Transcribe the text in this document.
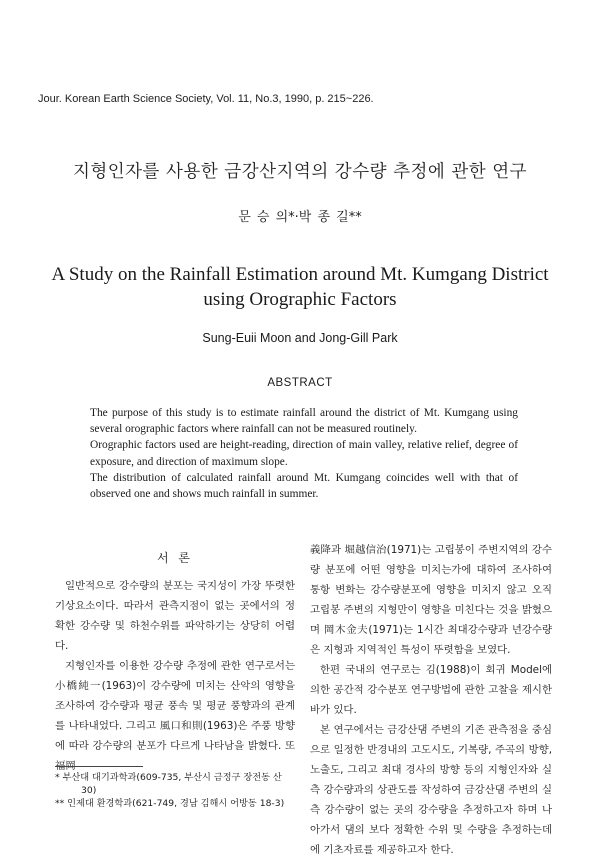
Jour. Korean Earth Science Society, Vol. 11, No.3, 1990, p. 215~226.
지형인자를 사용한 금강산지역의 강수량 추정에 관한 연구
문 승 의*·박 종 길**
A Study on the Rainfall Estimation around Mt. Kumgang District
using Orographic Factors
Sung-Euii Moon and Jong-Gill Park
ABSTRACT

The purpose of this study is to estimate rainfall around the district of Mt. Kumgang using several orographic factors where rainfall can not be measured routinely.

Orographic factors used are height-reading, direction of main valley, relative relief, degree of exposure, and direction of maximum slope.

The distribution of calculated rainfall around Mt. Kumgang coincides well with that of observed one and shows much rainfall in summer.

서 론

일반적으로 강수량의 분포는 국지성이 가장 뚜렷한 기상요소이다. 따라서 관측지점이 없는 곳에서의 정확한 강수량 및 하천수위를 파악하기는 상당히 어렵다.

지형인자를 이용한 강수량 추정에 관한 연구로서는 小橋純一(1963)이 강수량에 미치는 산악의 영향을 조사하여 강수량과 평균 풍속 및 평균 풍향과의 관계를 나타내었다. 그리고 風口和則(1963)은 주풍 방향에 따라 강수량의 분포가 다르게 나타남을 밝혔다. 또 福岡

義降과 堀越信治(1971)는 고립봉이 주변지역의 강수량 분포에 어떤 영향을 미치는가에 대하여 조사하여 통항 변화는 강수량분포에 영향을 미치지 않고 오직 고립봉 주변의 지형만이 영향을 미친다는 것을 밝혔으며 岡木金夫(1971)는 1시간 최대강수량과 년강수량은 지형과 지역적인 특성이 뚜렷함을 보였다.

한편 국내의 연구로는 김(1988)이 회귀 Model에 의한 공간적 강수분포 연구방법에 관한 고찰을 제시한 바가 있다.

본 연구에서는 금강산댐 주변의 기존 관측점을 중심으로 일정한 반경내의 고도시도, 기복량, 주곡의 방향, 노출도, 그리고 최대 경사의 방향 등의 지형인자와 실측 강수량과의 상관도를 작성하여 금강산댐 주변의 실측 강수량이 없는 곳의 강수량을 추정하고자 하며 나아가서 댐의 보다 정확한 수위 및 수량을 추정하는데에 기초자료를 제공하고자 한다.

* 부산대 대기과학과(609-735, 부산시 금정구 장전동 산 30)

** 인제대 환경학과(621-749, 경남 김해시 어방동 18-3)
